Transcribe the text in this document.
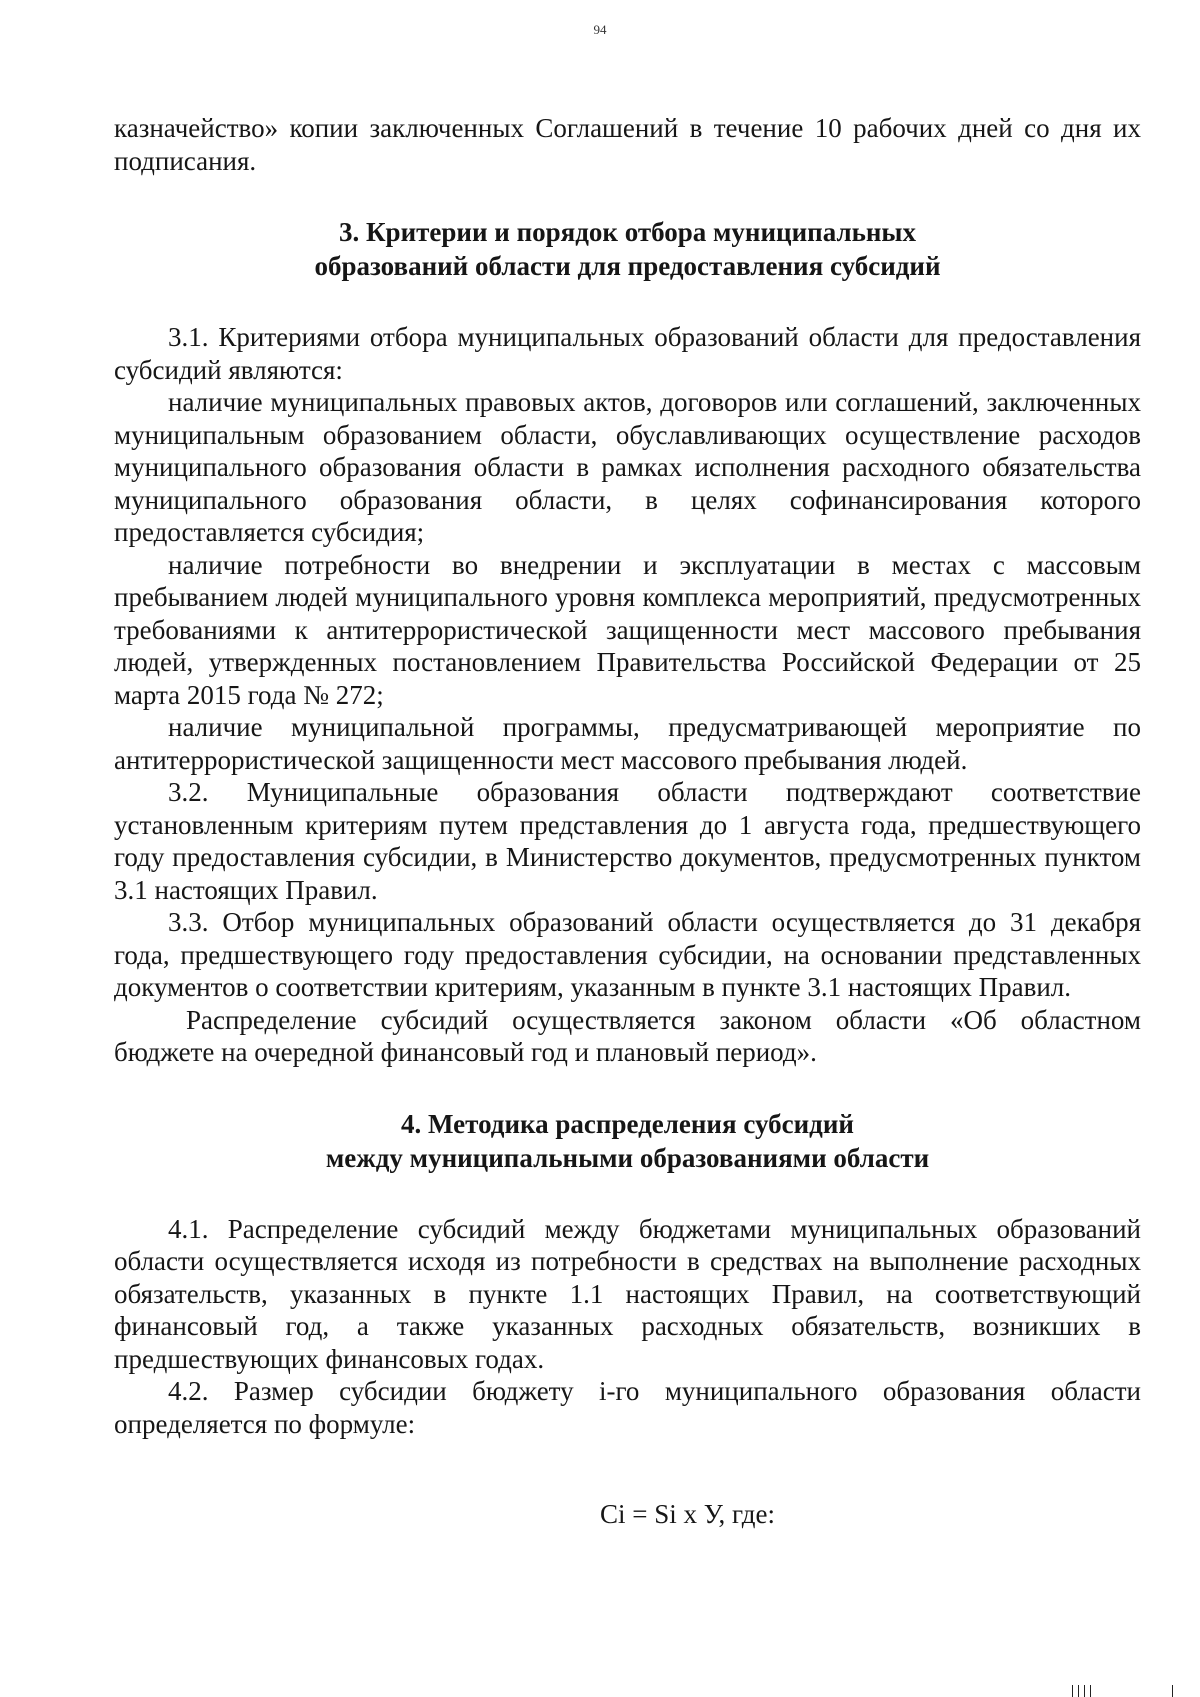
94

казначейство» копии заключенных Соглашений в течение 10 рабочих дней со дня их подписания.

3. Критерии и порядок отбора муниципальных
образований области для предоставления субсидий

3.1. Критериями отбора муниципальных образований области для предоставления субсидий являются:

наличие муниципальных правовых актов, договоров или соглашений, заключенных муниципальным образованием области, обуславливающих осуществление расходов муниципального образования области в рамках исполнения расходного обязательства муниципального образования области, в целях софинансирования которого предоставляется субсидия;

наличие потребности во внедрении и эксплуатации в местах с массовым пребыванием людей муниципального уровня комплекса мероприятий, предусмотренных требованиями к антитеррористической защищенности мест массового пребывания людей, утвержденных постановлением Правительства Российской Федерации от 25 марта 2015 года № 272;

наличие муниципальной программы, предусматривающей мероприятие по антитеррористической защищенности мест массового пребывания людей.

3.2. Муниципальные образования области подтверждают соответствие установленным критериям путем представления до 1 августа года, предшествующего году предоставления субсидии, в Министерство документов, предусмотренных пунктом 3.1 настоящих Правил.

3.3. Отбор муниципальных образований области осуществляется до 31 декабря года, предшествующего году предоставления субсидии, на основании представленных документов о соответствии критериям, указанным в пункте 3.1 настоящих Правил.

Распределение субсидий осуществляется законом области «Об областном бюджете на очередной финансовый год и плановый период».

4. Методика распределения субсидий
между муниципальными образованиями области

4.1. Распределение субсидий между бюджетами муниципальных образований области осуществляется исходя из потребности в средствах на выполнение расходных обязательств, указанных в пункте 1.1 настоящих Правил, на соответствующий финансовый год, а также указанных расходных обязательств, возникших в предшествующих финансовых годах.

4.2. Размер субсидии бюджету i-го муниципального образования области определяется по формуле:

Ci = Si x У, где:
